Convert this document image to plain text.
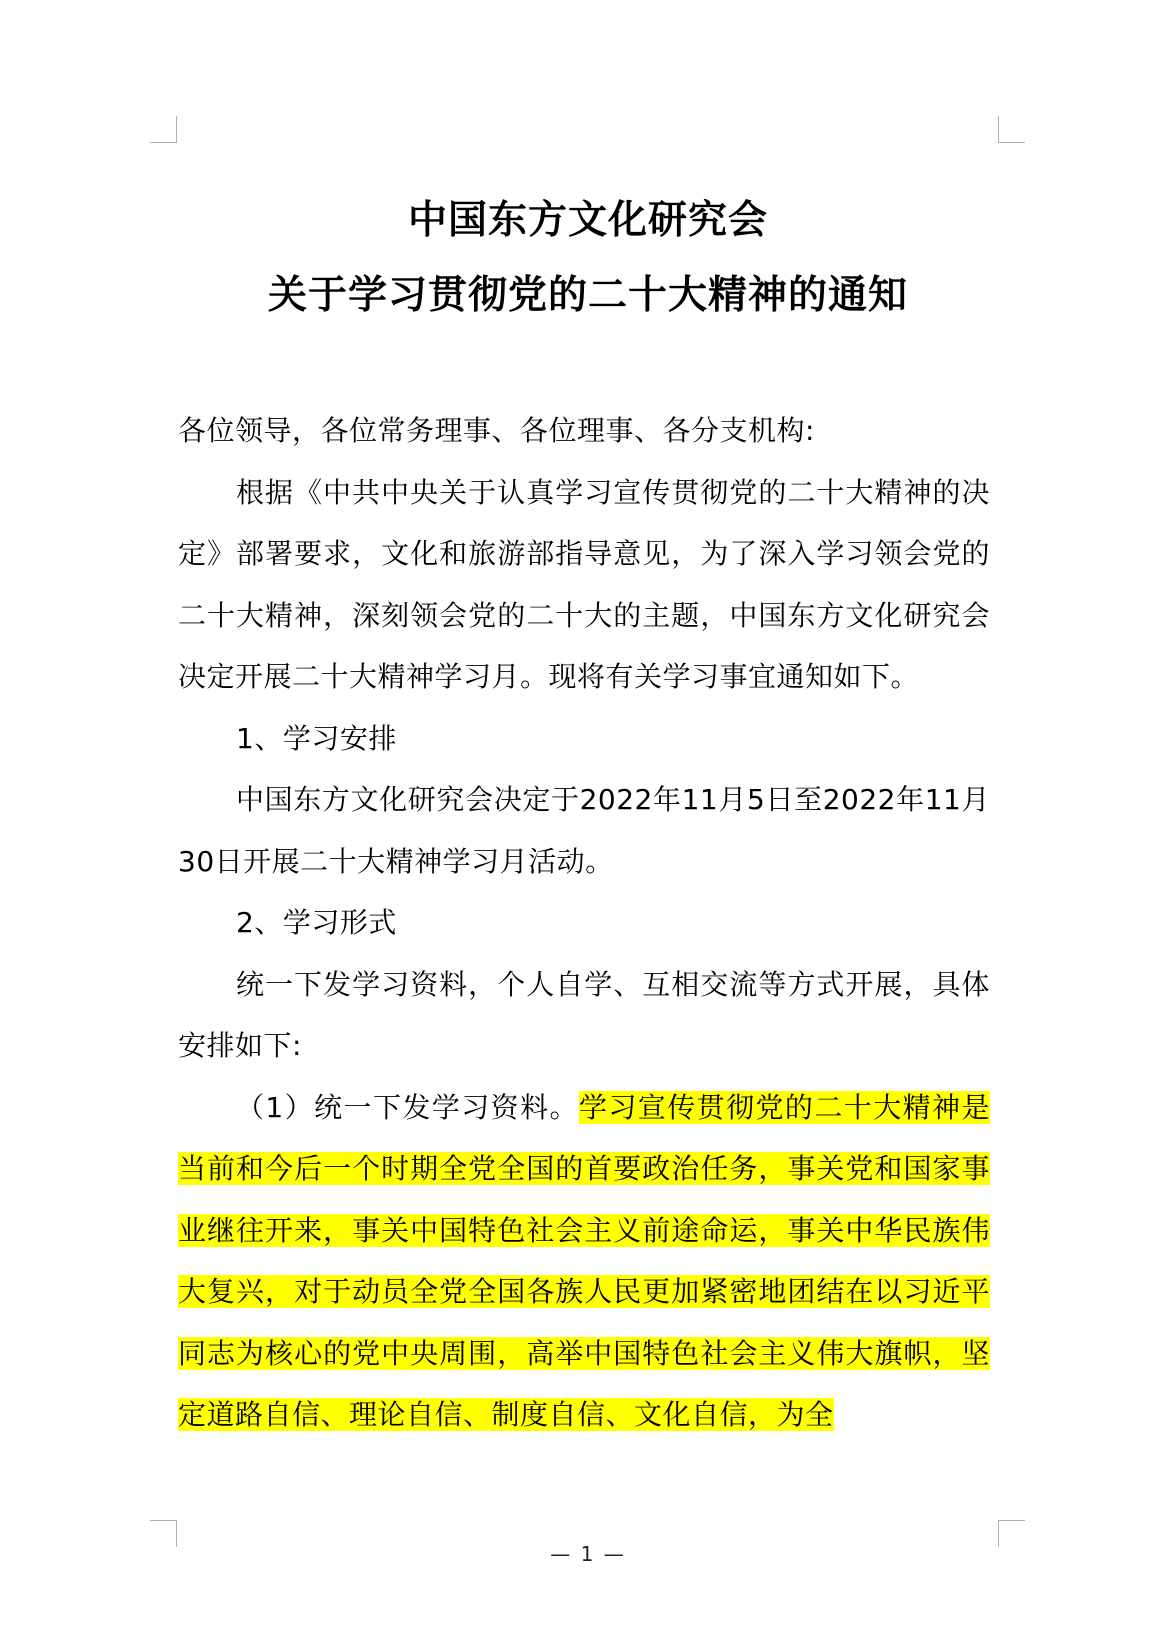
中国东方文化研究会
关于学习贯彻党的二十大精神的通知

各位领导，各位常务理事、各位理事、各分支机构:

根据《中共中央关于认真学习宣传贯彻党的二十大精神的决定》部署要求，文化和旅游部指导意见，为了深入学习领会党的二十大精神，深刻领会党的二十大的主题，中国东方文化研究会决定开展二十大精神学习月。现将有关学习事宜通知如下。

1、学习安排

中国东方文化研究会决定于2022年11月5日至2022年11月30日开展二十大精神学习月活动。

2、学习形式

统一下发学习资料，个人自学、互相交流等方式开展，具体安排如下:

（1）统一下发学习资料。学习宣传贯彻党的二十大精神是当前和今后一个时期全党全国的首要政治任务，事关党和国家事业继往开来，事关中国特色社会主义前途命运，事关中华民族伟大复兴，对于动员全党全国各族人民更加紧密地团结在以习近平同志为核心的党中央周围，高举中国特色社会主义伟大旗帜，坚定道路自信、理论自信、制度自信、文化自信，为全

— 1 —
